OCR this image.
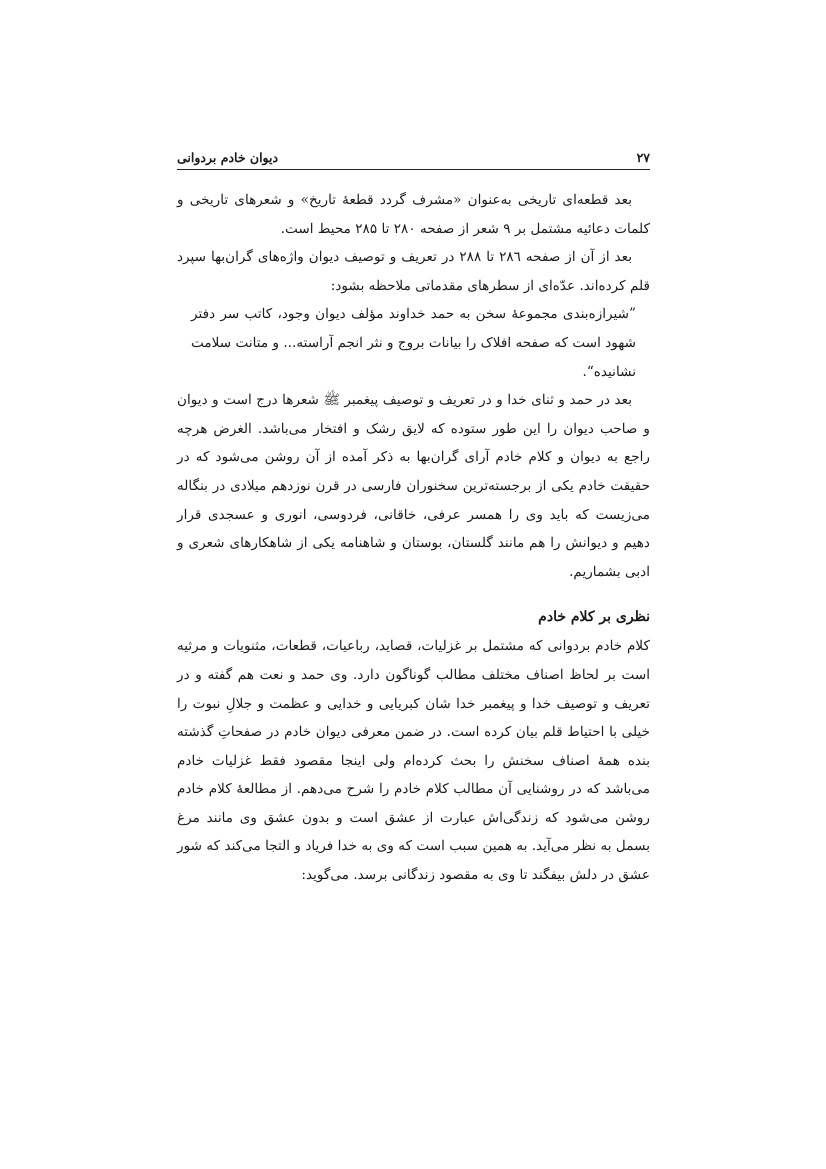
۲۷
دیوان خادم بردوانی

بعد قطعه‌ای تاریخی به‌عنوان «مشرف گردد قطعهٔ تاریخ» و شعرهای تاریخی و کلمات دعائیه مشتمل بر ۹ شعر از صفحه ۲۸۰ تا ۲۸۵ محیط است.

بعد از آن از صفحه ۲۸٦ تا ۲۸۸ در تعریف و توصیف دیوان واژه‌های گران‌بها سپرد قلم کرده‌اند. عدّه‌ای از سطرهای مقدماتی ملاحظه بشود:

”شیرازه‌بندی مجموعهٔ سخن به حمد خداوند مؤلف دیوان وجود، کاتب سر دفتر شهود است که صفحه افلاک را بیانات بروج و نثر انجم آراسته... و متانت سلامت نشانیده“.

بعد در حمد و ثنای خدا و در تعریف و توصیف پیغمبر ﷺ شعرها درج است و دیوان و صاحب دیوان را این طور ستوده که لایق رشک و افتخار می‌باشد. الغرض هرچه راجع به دیوان و کلام خادم آرای گران‌بها به ذکر آمده از آن روشن می‌شود که در حقیقت خادم یکی از برجسته‌ترین سخنوران فارسی در قرن نوزدهم میلادی در بنگاله می‌زیست که باید وی را همسر عرفی، خاقانی، فردوسی، انوری و عسجدی قرار دهیم و دیوانش را هم مانند گلستان، بوستان و شاهنامه یکی از شاهکارهای شعری و ادبی بشماریم.

نظری بر کلام خادم

کلام خادم بردوانی که مشتمل بر غزلیات، قصاید، رباعیات، قطعات، مثنویات و مرثیه است بر لحاظ اصناف مختلف مطالب گوناگون دارد. وی حمد و نعت هم گفته و در تعریف و توصیف خدا و پیغمبر خدا شان کبریایی و خدایی و عظمت و جلالِ نبوت را خیلی با احتیاط قلم بیان کرده است. در ضمن معرفی دیوان خادم در صفحاتِ گذشته بنده همهٔ اصناف سخنش را بحث کرده‌ام ولی اینجا مقصود فقط غزلیات خادم می‌باشد که در روشنایی آن مطالب کلام خادم را شرح می‌دهم. از مطالعهٔ کلام خادم روشن می‌شود که زندگی‌اش عبارت از عشق است و بدون عشق وی مانند مرغ بسمل به نظر می‌آید. به همین سبب است که وی به خدا فریاد و التجا می‌کند که شور عشق در دلش بیفگند تا وی به مقصود زندگانی برسد. می‌گوید:
